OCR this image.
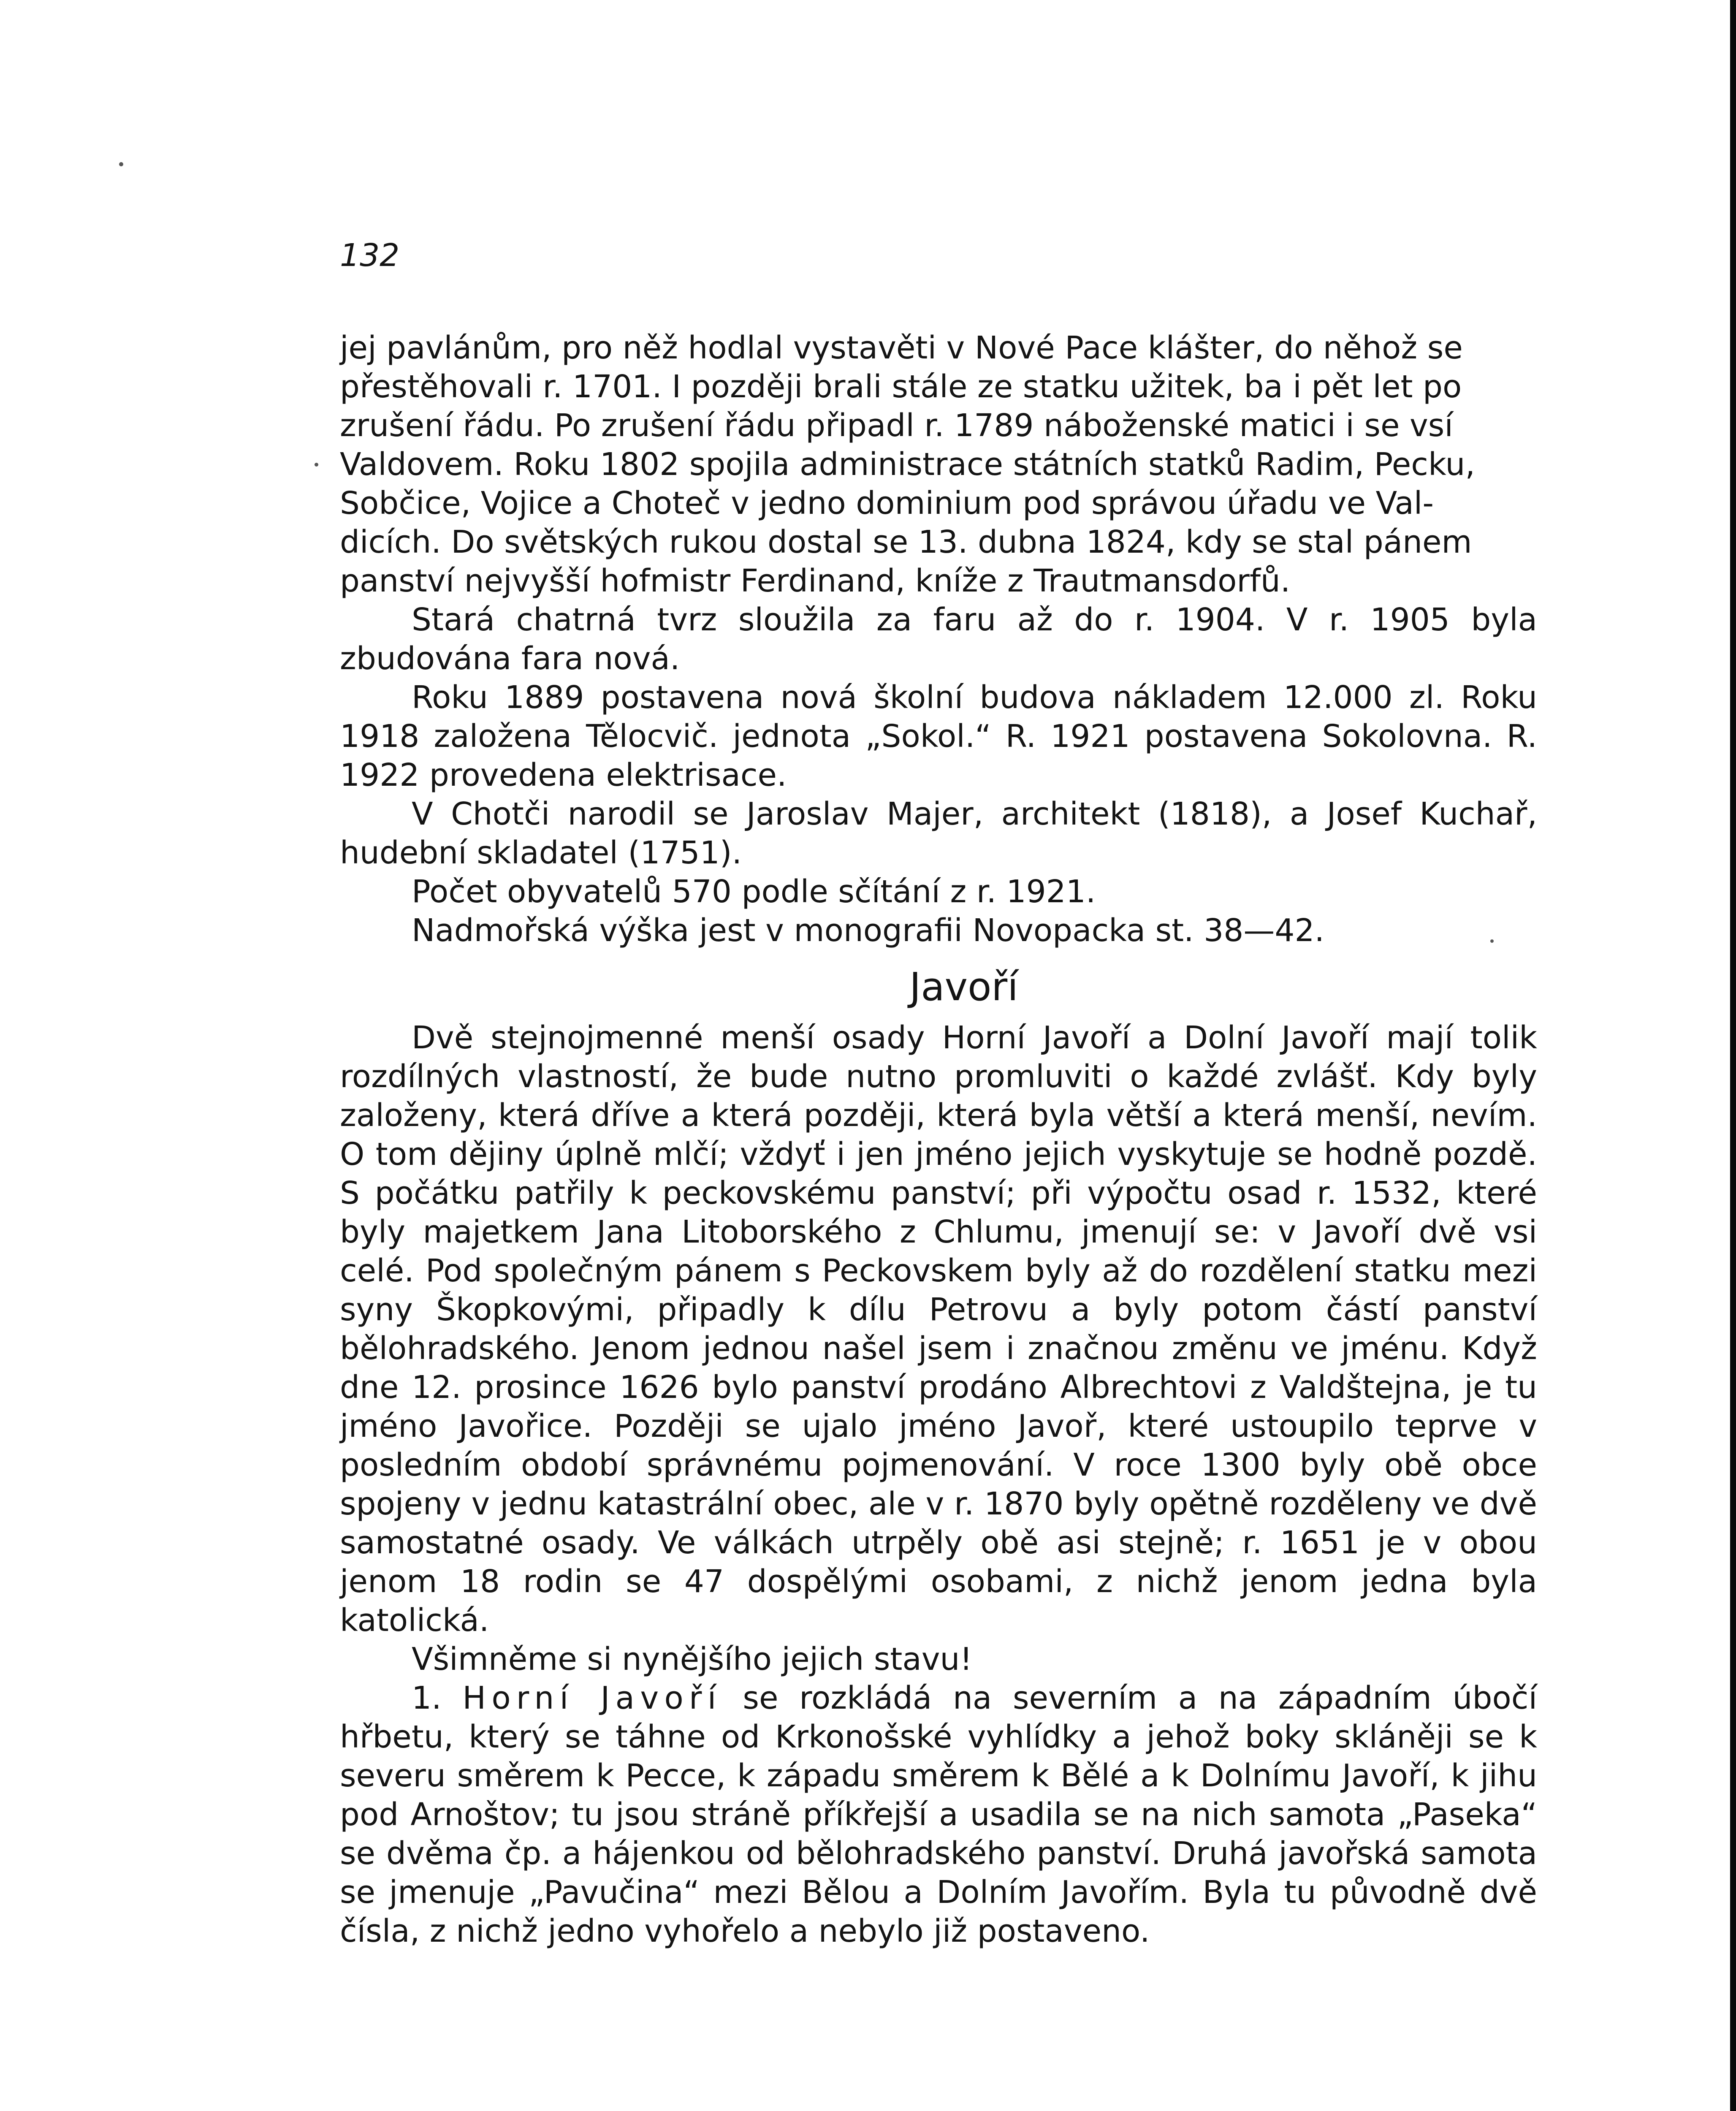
132

jej pavlánům, pro něž hodlal vystavěti v Nové Pace klášter, do něhož se
přestěhovali r. 1701. I později brali stále ze statku užitek, ba i pět let po
zrušení řádu. Po zrušení řádu připadl r. 1789 náboženské matici i se vsí
Valdovem. Roku 1802 spojila administrace státních statků Radim, Pecku,
Sobčice, Vojice a Choteč v jedno dominium pod správou úřadu ve Val-
dicích. Do světských rukou dostal se 13. dubna 1824, kdy se stal pánem
panství nejvyšší hofmistr Ferdinand, kníže z Trautmansdorfů.

Stará chatrná tvrz sloužila za faru až do r. 1904. V r. 1905 byla zbudována fara nová.

Roku 1889 postavena nová školní budova nákladem 12.000 zl. Roku 1918 založena Tělocvič. jednota „Sokol.“ R. 1921 postavena Sokolovna. R. 1922 provedena elektrisace.

V Chotči narodil se Jaroslav Majer, architekt (1818), a Josef Kuchař, hudební skladatel (1751).

Počet obyvatelů 570 podle sčítání z r. 1921.

Nadmořská výška jest v monografii Novopacka st. 38—42.

Javoří

Dvě stejnojmenné menší osady Horní Javoří a Dolní Javoří mají tolik rozdílných vlastností, že bude nutno promluviti o každé zvlášť. Kdy byly založeny, která dříve a která později, která byla větší a která menší, nevím. O tom dějiny úplně mlčí; vždyť i jen jméno jejich vyskytuje se hodně pozdě. S počátku patřily k peckovskému panství; při výpočtu osad r. 1532, které byly majetkem Jana Litoborského z Chlumu, jmenují se: v Javoří dvě vsi celé. Pod společným pánem s Peckovskem byly až do rozdělení statku mezi syny Škopkovými, připadly k dílu Petrovu a byly potom částí panství bělohradského. Jenom jednou našel jsem i značnou změnu ve jménu. Když dne 12. prosince 1626 bylo panství prodáno Albrechtovi z Valdštejna, je tu jméno Javořice. Později se ujalo jméno Javoř, které ustoupilo teprve v posledním období správnému pojmenování. V roce 1300 byly obě obce spojeny v jednu katastrální obec, ale v r. 1870 byly opětně rozděleny ve dvě samostatné osady. Ve válkách utrpěly obě asi stejně; r. 1651 je v obou jenom 18 rodin se 47 dospělými osobami, z nichž jenom jedna byla katolická.

Všimněme si nynějšího jejich stavu!

1. Horní Javoří se rozkládá na severním a na západním úbočí hřbetu, který se táhne od Krkonošské vyhlídky a jehož boky skláněji se k severu směrem k Pecce, k západu směrem k Bělé a k Dolnímu Javoří, k jihu pod Arnoštov; tu jsou stráně příkřejší a usadila se na nich samota „Paseka“ se dvěma čp. a hájenkou od bělohradského panství. Druhá javořská samota se jmenuje „Pavučina“ mezi Bělou a Dolním Javořím. Byla tu původně dvě čísla, z nichž jedno vyhořelo a nebylo již postaveno.
